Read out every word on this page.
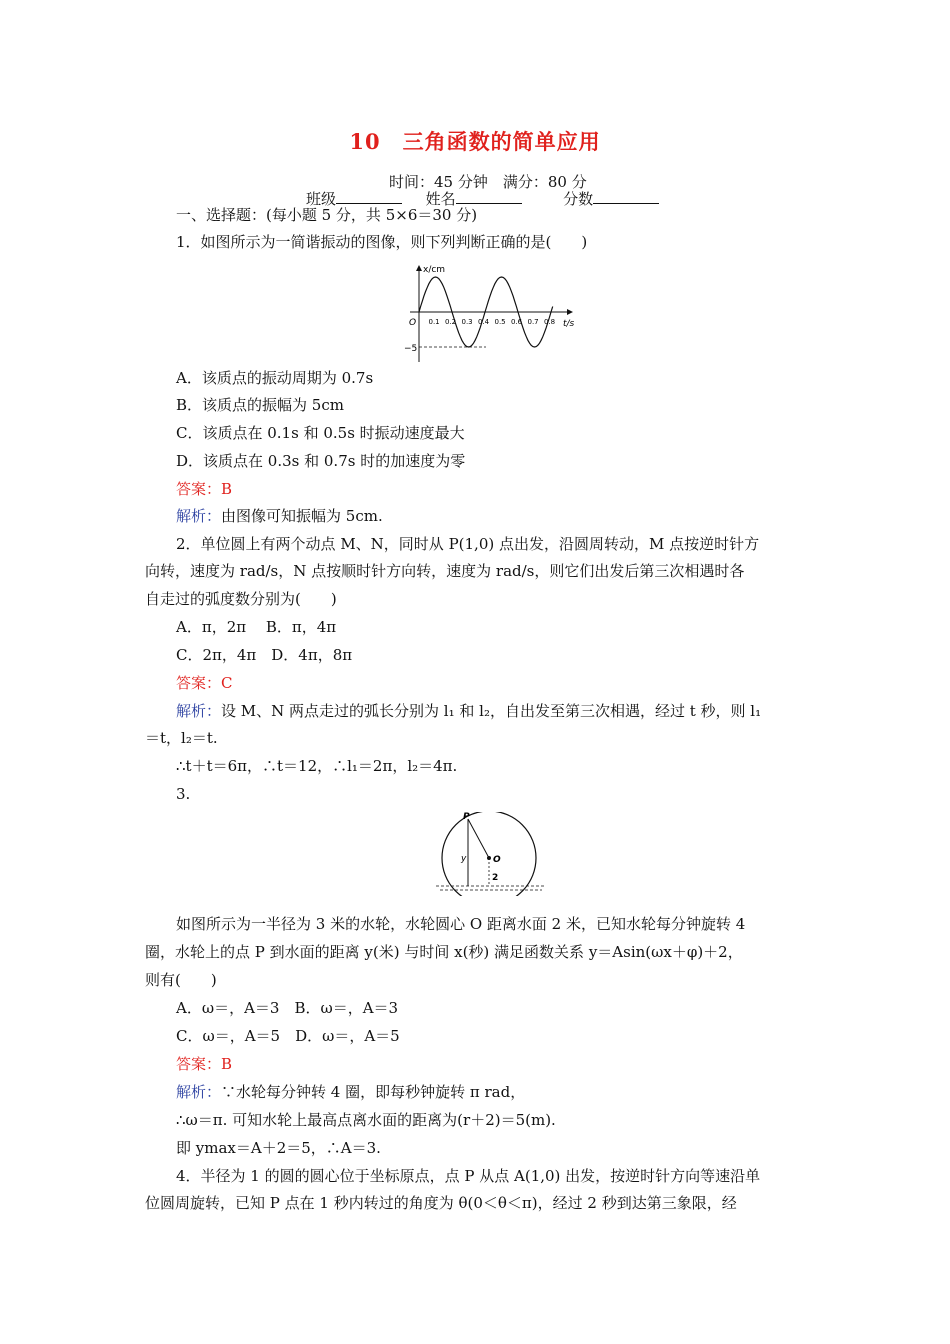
10　三角函数的简单应用
时间：45 分钟　满分：80 分
班级	姓名	分数
一、选择题：(每小题 5 分，共 5×6＝30 分)
1．如图所示为一简谐振动的图像，则下列判断正确的是(　　)
x/cm
t/s
O
−5
0.1 0.2 0.3 0.4 0.5 0.6 0.7 0.8
A．该质点的振动周期为 0.7s
B．该质点的振幅为 5cm
C．该质点在 0.1s 和 0.5s 时振动速度最大
D．该质点在 0.3s 和 0.7s 时的加速度为零
答案：B
解析：由图像可知振幅为 5cm.
2．单位圆上有两个动点 M、N，同时从 P(1,0) 点出发，沿圆周转动，M 点按逆时针方
向转，速度为 rad/s，N 点按顺时针方向转，速度为 rad/s，则它们出发后第三次相遇时各
自走过的弧度数分别为(　　)
A．π，2π　 B．π，4π
C．2π，4π　D．4π，8π
答案：C
解析：设 M、N 两点走过的弧长分别为 l₁ 和 l₂，自出发至第三次相遇，经过 t 秒，则 l₁
＝t，l₂＝t.
∴t＋t＝6π，∴t＝12，∴l₁＝2π，l₂＝4π.
3.
P
O
y
2
如图所示为一半径为 3 米的水轮，水轮圆心 O 距离水面 2 米，已知水轮每分钟旋转 4
圈，水轮上的点 P 到水面的距离 y(米) 与时间 x(秒) 满足函数关系 y＝Asin(ωx＋φ)＋2，
则有(　　)
A．ω＝，A＝3　B．ω＝，A＝3
C．ω＝，A＝5　D．ω＝，A＝5
答案：B
解析：∵水轮每分钟转 4 圈，即每秒钟旋转 π rad，
∴ω＝π. 可知水轮上最高点离水面的距离为(r＋2)＝5(m).
即 ymax＝A＋2＝5，∴A＝3.
4．半径为 1 的圆的圆心位于坐标原点，点 P 从点 A(1,0) 出发，按逆时针方向等速沿单
位圆周旋转，已知 P 点在 1 秒内转过的角度为 θ(0＜θ＜π)，经过 2 秒到达第三象限，经
